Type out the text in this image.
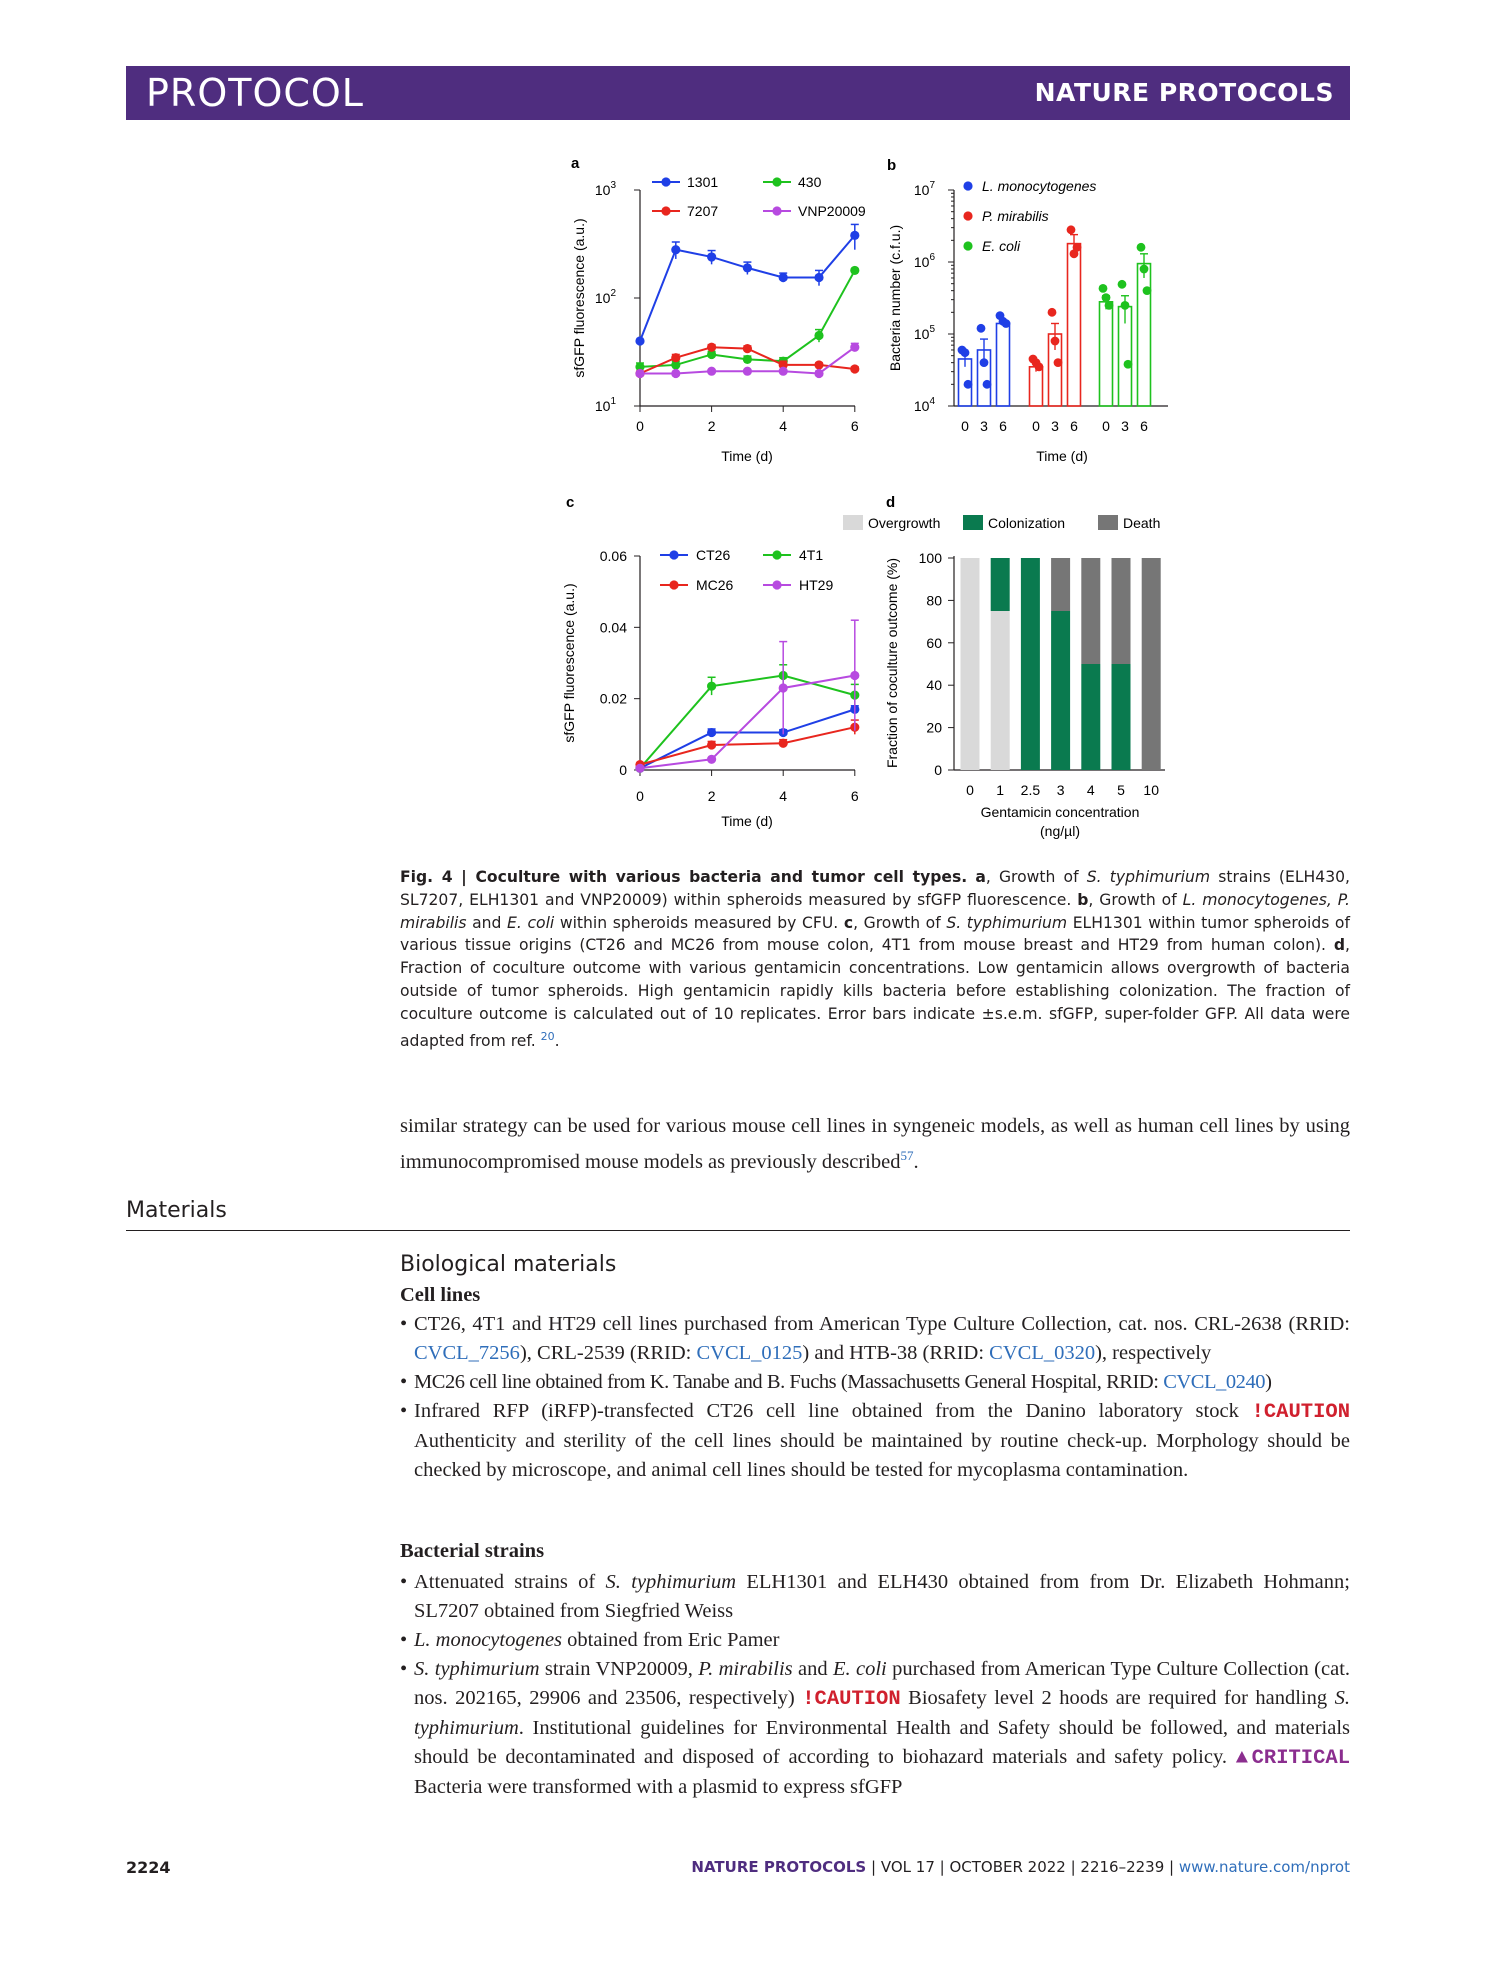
PROTOCOL	NATURE PROTOCOLS
a
$10^1$
$10^2$
$10^3$
0	2	4	6
sfGFP fluorescence (a.u.)
Time (d)
1301	430
7207	VNP20009
b
$10^4$
$10^5$
$10^6$
$10^7$
Bacteria number (c.f.u.)
Time (d)
L. monocytogenes
P. mirabilis
E. coli
0 3 6 0 3 6 0 3 6
c
0
0.02
0.04
0.06
0	2	4	6
sfGFP fluorescence (a.u.)
Time (d)
CT26	4T1
MC26	HT29
d
0
20
40
60
80
100
0 1 2.5 3 4 5 10
Fraction of coculture outcome (%)
Gentamicin concentration
(ng/µl)
Overgrowth	Colonization	Death
Fig. 4 | Coculture with various bacteria and tumor cell types. a, Growth of S. typhimurium strains (ELH430, SL7207, ELH1301 and VNP20009) within spheroids measured by sfGFP fluorescence. b, Growth of L. monocytogenes, P. mirabilis and E. coli within spheroids measured by CFU. c, Growth of S. typhimurium ELH1301 within tumor spheroids of various tissue origins (CT26 and MC26 from mouse colon, 4T1 from mouse breast and HT29 from human colon). d, Fraction of coculture outcome with various gentamicin concentrations. Low gentamicin allows overgrowth of bacteria outside of tumor spheroids. High gentamicin rapidly kills bacteria before establishing colonization. The fraction of coculture outcome is calculated out of 10 replicates. Error bars indicate ±s.e.m. sfGFP, super-folder GFP. All data were adapted from ref. $^{20}$.
similar strategy can be used for various mouse cell lines in syngeneic models, as well as human cell lines by using immunocompromised mouse models as previously described$^{57}$.
Materials
Biological materials
Cell lines
• CT26, 4T1 and HT29 cell lines purchased from American Type Culture Collection, cat. nos. CRL-2638 (RRID: CVCL_7256), CRL-2539 (RRID: CVCL_0125) and HTB-38 (RRID: CVCL_0320), respectively
• MC26 cell line obtained from K. Tanabe and B. Fuchs (Massachusetts General Hospital, RRID: CVCL_0240)
• Infrared RFP (iRFP)-transfected CT26 cell line obtained from the Danino laboratory stock !CAUTION Authenticity and sterility of the cell lines should be maintained by routine check-up. Morphology should be checked by microscope, and animal cell lines should be tested for mycoplasma contamination.
Bacterial strains
• Attenuated strains of S. typhimurium ELH1301 and ELH430 obtained from from Dr. Elizabeth Hohmann; SL7207 obtained from Siegfried Weiss
• L. monocytogenes obtained from Eric Pamer
• S. typhimurium strain VNP20009, P. mirabilis and E. coli purchased from American Type Culture Collection (cat. nos. 202165, 29906 and 23506, respectively) !CAUTION Biosafety level 2 hoods are required for handling S. typhimurium. Institutional guidelines for Environmental Health and Safety should be followed, and materials should be decontaminated and disposed of according to biohazard materials and safety policy. ▲CRITICAL Bacteria were transformed with a plasmid to express sfGFP
2224	NATURE PROTOCOLS | VOL 17 | OCTOBER 2022 | 2216–2239 | www.nature.com/nprot
